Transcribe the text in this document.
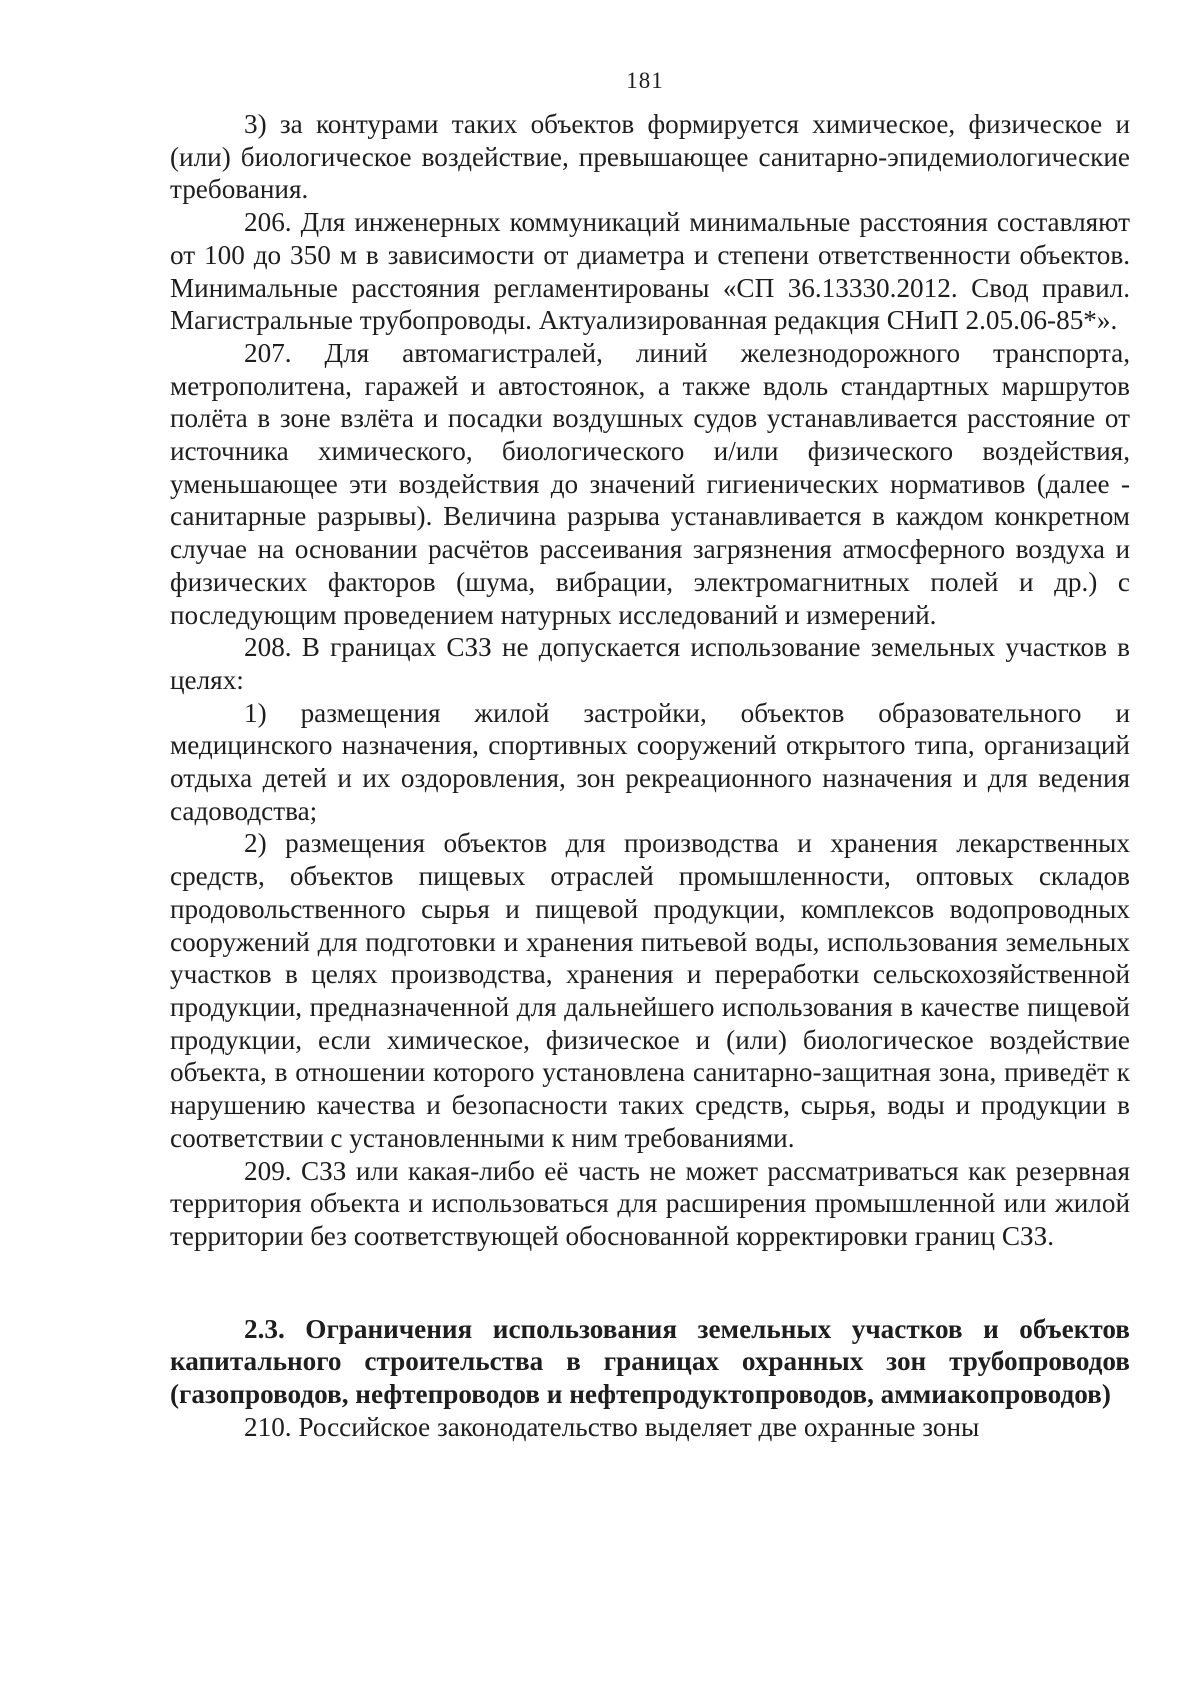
181

3) за контурами таких объектов формируется химическое, физическое и (или) биологическое воздействие, превышающее санитарно-эпидемиологические требования.

206. Для инженерных коммуникаций минимальные расстояния составляют от 100 до 350 м в зависимости от диаметра и степени ответственности объектов. Минимальные расстояния регламентированы «СП 36.13330.2012. Свод правил. Магистральные трубопроводы. Актуализированная редакция СНиП 2.05.06-85*».

207. Для автомагистралей, линий железнодорожного транспорта, метрополитена, гаражей и автостоянок, а также вдоль стандартных маршрутов полёта в зоне взлёта и посадки воздушных судов устанавливается расстояние от источника химического, биологического и/или физического воздействия, уменьшающее эти воздействия до значений гигиенических нормативов (далее - санитарные разрывы). Величина разрыва устанавливается в каждом конкретном случае на основании расчётов рассеивания загрязнения атмосферного воздуха и физических факторов (шума, вибрации, электромагнитных полей и др.) с последующим проведением натурных исследований и измерений.

208. В границах СЗЗ не допускается использование земельных участков в целях:

1) размещения жилой застройки, объектов образовательного и медицинского назначения, спортивных сооружений открытого типа, организаций отдыха детей и их оздоровления, зон рекреационного назначения и для ведения садоводства;

2) размещения объектов для производства и хранения лекарственных средств, объектов пищевых отраслей промышленности, оптовых складов продовольственного сырья и пищевой продукции, комплексов водопроводных сооружений для подготовки и хранения питьевой воды, использования земельных участков в целях производства, хранения и переработки сельскохозяйственной продукции, предназначенной для дальнейшего использования в качестве пищевой продукции, если химическое, физическое и (или) биологическое воздействие объекта, в отношении которого установлена санитарно-защитная зона, приведёт к нарушению качества и безопасности таких средств, сырья, воды и продукции в соответствии с установленными к ним требованиями.

209. СЗЗ или какая-либо её часть не может рассматриваться как резервная территория объекта и использоваться для расширения промышленной или жилой территории без соответствующей обоснованной корректировки границ СЗЗ.

2.3. Ограничения использования земельных участков и объектов капитального строительства в границах охранных зон трубопроводов (газопроводов, нефтепроводов и нефтепродуктопроводов, аммиакопроводов)

210. Российское законодательство выделяет две охранные зоны
